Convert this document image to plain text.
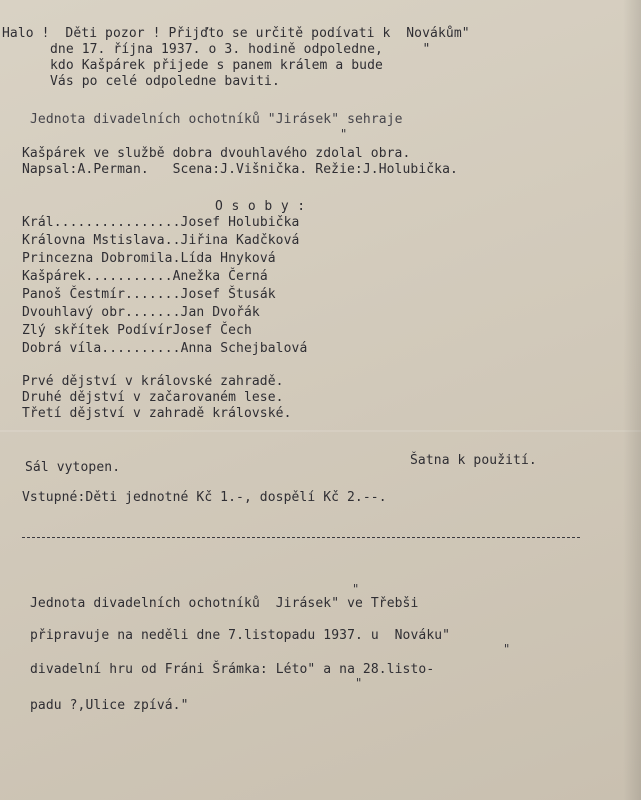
Halo !  Děti pozor ! Přijďto se určitě podívati k  Novákům"
dne 17. října 1937. o 3. hodině odpoledne,     "
kdo Kašpárek přijede s panem králem a bude
Vás po celé odpoledne baviti.
Jednota divadelních ochotníků "Jirásek" sehraje
"
Kašpárek ve službě dobra dvouhlavého zdolal obra.
Napsal:A.Perman.   Scena:J.Višnička. Režie:J.Holubička.
O s o b y :
Král................Josef Holubička
Královna Mstislava..Jiřina Kadčková
Princezna Dobromila.Lída Hnyková
Kašpárek...........Anežka Černá
Panoš Čestmír.......Josef Štusák
Dvouhlavý obr.......Jan Dvořák
Zlý skřítek PodívírJosef Čech
Dobrá víla..........Anna Schejbalová
Prvé dějství v královské zahradě.
Druhé dějství v začarovaném lese.
Třetí dějství v zahradě královské.
Sál vytopen.	Šatna k použití.
Vstupné:Děti jednotné Kč 1.-, dospělí Kč 2.--.
"
Jednota divadelních ochotníků  Jirásek" ve Třebši
připravuje na neděli dne 7.listopadu 1937. u  Nováku"
"
divadelní hru od Fráni Šrámka: Léto" a na 28.listo-
"
padu ?,Ulice zpívá."
